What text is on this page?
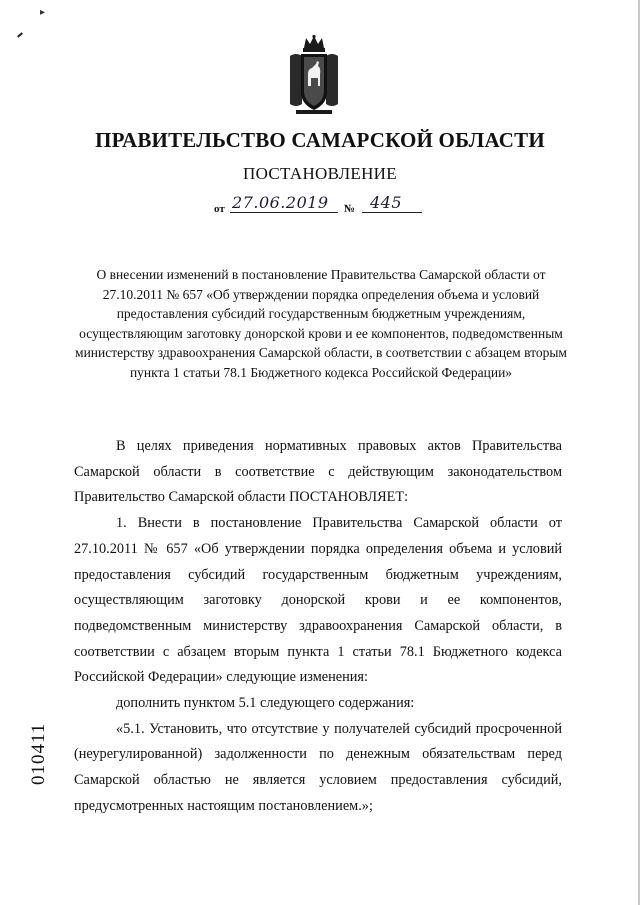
▸
ПРАВИТЕЛЬСТВО САМАРСКОЙ ОБЛАСТИ
ПОСТАНОВЛЕНИЕ
от 27.06.2019 № 445

О внесении изменений в постановление Правительства Самарской области от 27.10.2011 № 657 «Об утверждении порядка определения объема и условий предоставления субсидий государственным бюджетным учреждениям, осуществляющим заготовку донорской крови и ее компонентов, подведомственным министерству здравоохранения Самарской области, в соответствии с абзацем вторым пункта 1 статьи 78.1 Бюджетного кодекса Российской Федерации»

В целях приведения нормативных правовых актов Правительства Самарской области в соответствие с действующим законодательством Правительство Самарской области ПОСТАНОВЛЯЕТ:

1. Внести в постановление Правительства Самарской области от 27.10.2011 № 657 «Об утверждении порядка определения объема и условий предоставления субсидий государственным бюджетным учреждениям, осуществляющим заготовку донорской крови и ее компонентов, подведомственным министерству здравоохранения Самарской области, в соответствии с абзацем вторым пункта 1 статьи 78.1 Бюджетного кодекса Российской Федерации» следующие изменения:

дополнить пунктом 5.1 следующего содержания:

«5.1. Установить, что отсутствие у получателей субсидий просроченной (неурегулированной) задолженности по денежным обязательствам перед Самарской областью не является условием предоставления субсидий, предусмотренных настоящим постановлением.»;

010411
